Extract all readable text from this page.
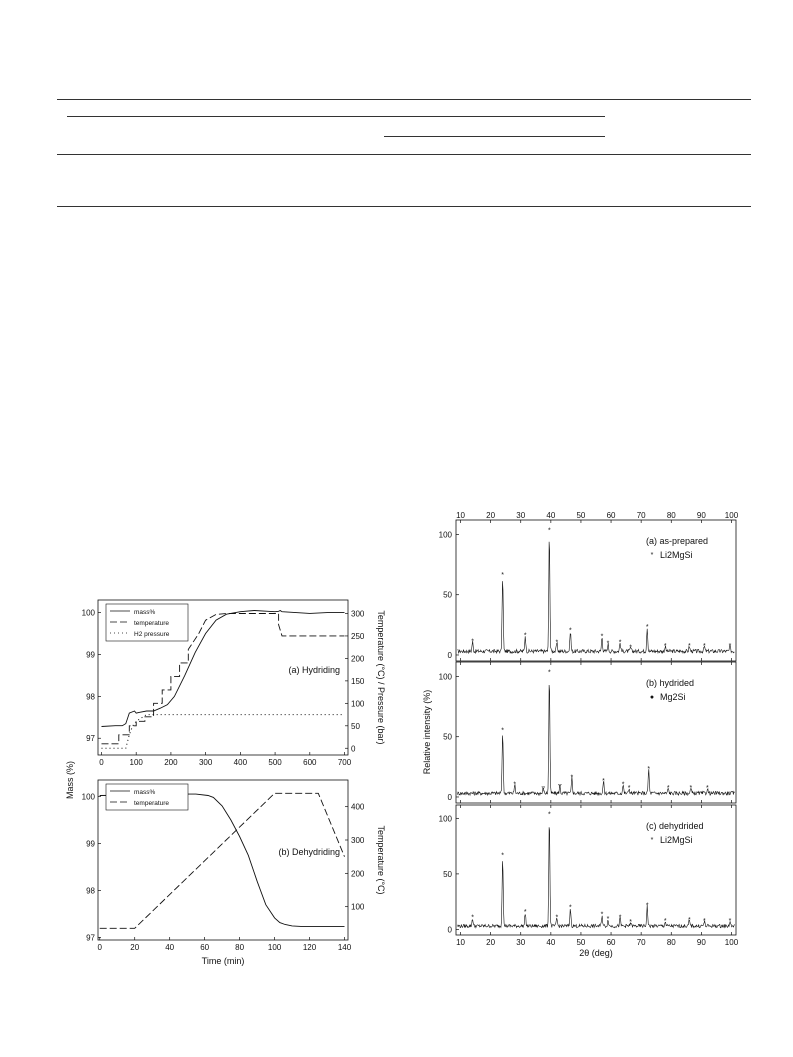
0	100	200	300	400	500	600	700
97
98
99
100
0
50
100
150
200
250
300
mass%
temperature
H2 pressure
(a) Hydriding	Temperature (°C) / Pressure (bar)
0	20	40	60	80	100	120	140
97
98
99
100
100
200
300
400
mass%
temperature
(b) Dehydriding	Temperature (°C)
Time (min)
Mass (%)
10	20	30	40	50	60	70	80	90 100
0
50
100
*
*
*
*
*
*
*
* *
*
*
*	* *	*
(a) as-prepared
Li2MgSi
*
0
50
100
*
*
▿
*
▿
*
*
*
*
*
*	* *
(b) hydrided
Mg2Si
●
0
50
100
*
*
*
*
*
*
*
* *
*
*
*	* *	*
(c) dehydrided
Li2MgSi
*
10	20	30	40	50	60	70	80	90 100
2θ (deg)
Relative intensity (%)
